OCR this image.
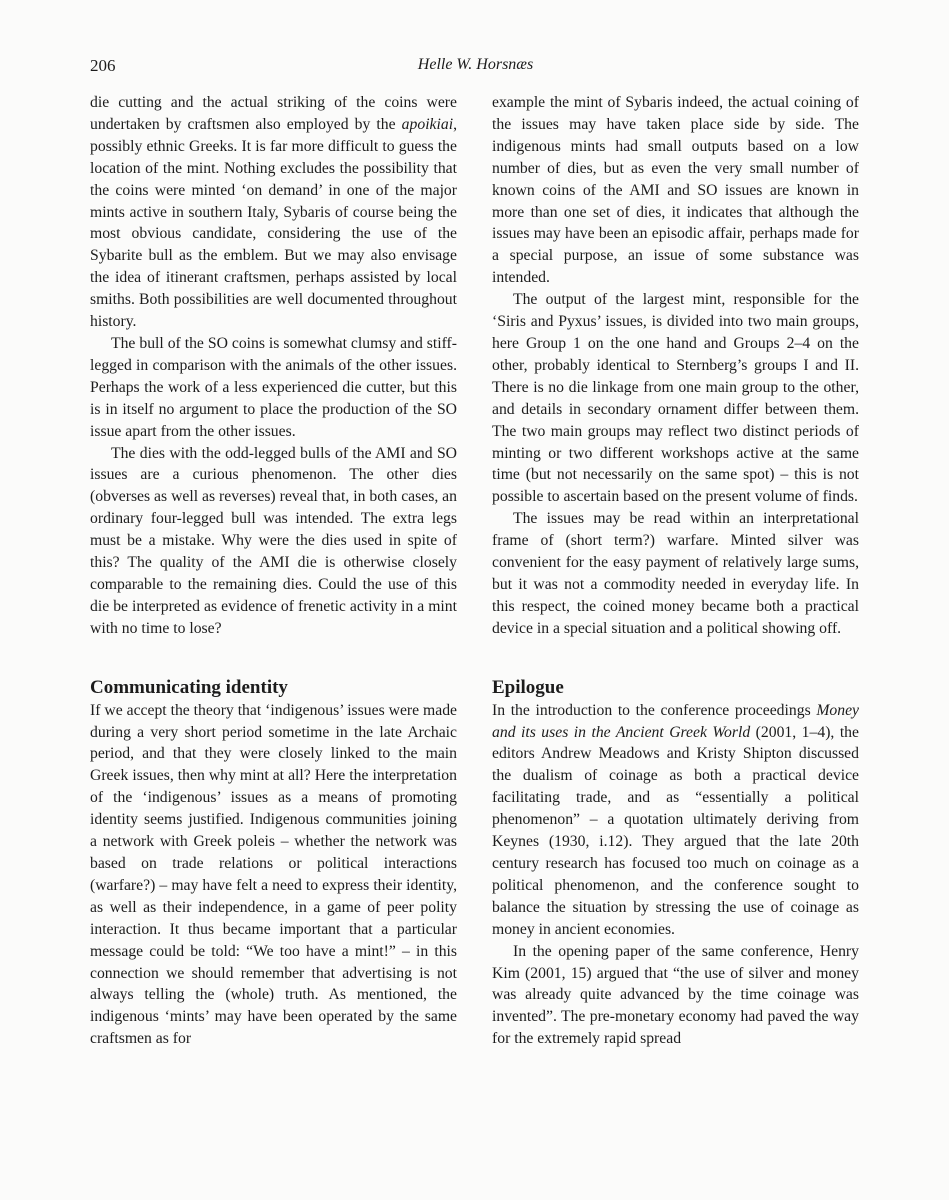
206	Helle W. Horsnæs

die cutting and the actual striking of the coins were undertaken by craftsmen also employed by the apoikiai, possibly ethnic Greeks. It is far more difficult to guess the location of the mint. Nothing excludes the possibility that the coins were minted ‘on demand’ in one of the major mints active in southern Italy, Sybaris of course being the most obvious candidate, considering the use of the Sybarite bull as the emblem. But we may also envisage the idea of itinerant craftsmen, perhaps assisted by local smiths. Both possibilities are well documented throughout history.

The bull of the SO coins is somewhat clumsy and stiff-legged in comparison with the animals of the other issues. Perhaps the work of a less experienced die cutter, but this is in itself no argument to place the production of the SO issue apart from the other issues.

The dies with the odd-legged bulls of the AMI and SO issues are a curious phenomenon. The other dies (obverses as well as reverses) reveal that, in both cases, an ordinary four-legged bull was intended. The extra legs must be a mistake. Why were the dies used in spite of this? The quality of the AMI die is otherwise closely comparable to the remaining dies. Could the use of this die be interpreted as evidence of frenetic activity in a mint with no time to lose?

Communicating identity

If we accept the theory that ‘indigenous’ issues were made during a very short period sometime in the late Archaic period, and that they were closely linked to the main Greek issues, then why mint at all? Here the interpretation of the ‘indigenous’ issues as a means of promoting identity seems justified. Indigenous communities joining a network with Greek poleis – whether the network was based on trade relations or political interactions (warfare?) – may have felt a need to express their identity, as well as their independence, in a game of peer polity interaction. It thus became important that a particular message could be told: “We too have a mint!” – in this connection we should remember that advertising is not always telling the (whole) truth. As mentioned, the indigenous ‘mints’ may have been operated by the same craftsmen as for

example the mint of Sybaris indeed, the actual coining of the issues may have taken place side by side. The indigenous mints had small outputs based on a low number of dies, but as even the very small number of known coins of the AMI and SO issues are known in more than one set of dies, it indicates that although the issues may have been an episodic affair, perhaps made for a special purpose, an issue of some substance was intended.

The output of the largest mint, responsible for the ‘Siris and Pyxus’ issues, is divided into two main groups, here Group 1 on the one hand and Groups 2–4 on the other, probably identical to Sternberg’s groups I and II. There is no die linkage from one main group to the other, and details in secondary ornament differ between them. The two main groups may reflect two distinct periods of minting or two different workshops active at the same time (but not necessarily on the same spot) – this is not possible to ascertain based on the present volume of finds.

The issues may be read within an interpretational frame of (short term?) warfare. Minted silver was convenient for the easy payment of relatively large sums, but it was not a commodity needed in everyday life. In this respect, the coined money became both a practical device in a special situation and a political showing off.

Epilogue

In the introduction to the conference proceedings Money and its uses in the Ancient Greek World (2001, 1–4), the editors Andrew Meadows and Kristy Shipton discussed the dualism of coinage as both a practical device facilitating trade, and as “essentially a political phenomenon” – a quotation ultimately deriving from Keynes (1930, i.12). They argued that the late 20th century research has focused too much on coinage as a political phenomenon, and the conference sought to balance the situation by stressing the use of coinage as money in ancient economies.

In the opening paper of the same conference, Henry Kim (2001, 15) argued that “the use of silver and money was already quite advanced by the time coinage was invented”. The pre-monetary economy had paved the way for the extremely rapid spread
